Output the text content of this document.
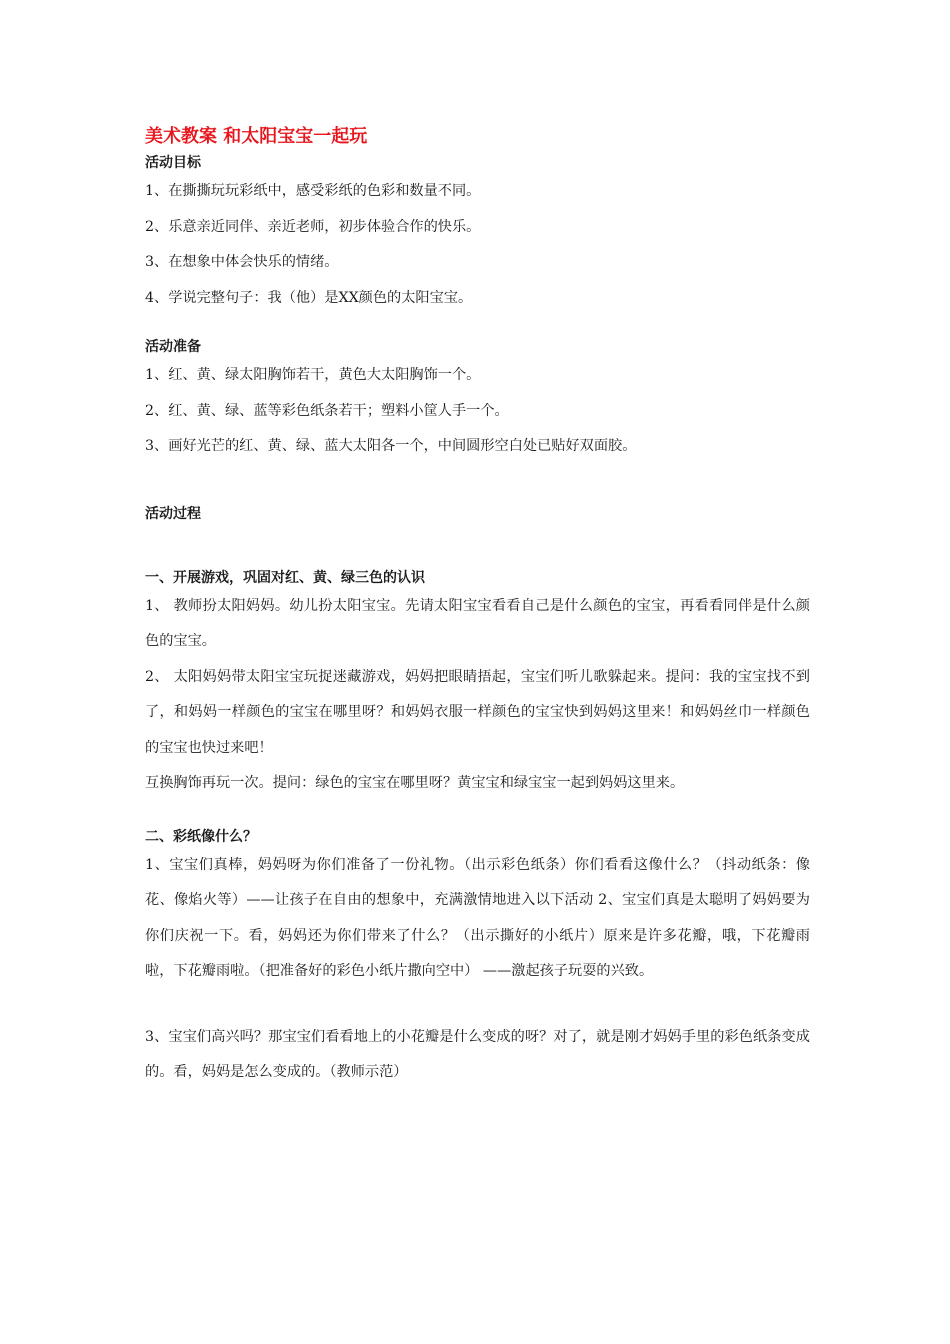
美术教案 和太阳宝宝一起玩
活动目标

1、在撕撕玩玩彩纸中，感受彩纸的色彩和数量不同。

2、乐意亲近同伴、亲近老师，初步体验合作的快乐。

3、在想象中体会快乐的情绪。

4、学说完整句子：我（他）是XX颜色的太阳宝宝。

活动准备

1、红、黄、绿太阳胸饰若干，黄色大太阳胸饰一个。

2、红、黄、绿、蓝等彩色纸条若干；塑料小筐人手一个。

3、画好光芒的红、黄、绿、蓝大太阳各一个，中间圆形空白处已贴好双面胶。

活动过程
一、开展游戏，巩固对红、黄、绿三色的认识

1、 教师扮太阳妈妈。幼儿扮太阳宝宝。先请太阳宝宝看看自己是什么颜色的宝宝，再看看同伴是什么颜色的宝宝。

2、 太阳妈妈带太阳宝宝玩捉迷藏游戏，妈妈把眼睛捂起，宝宝们听儿歌躲起来。提问：我的宝宝找不到了，和妈妈一样颜色的宝宝在哪里呀？和妈妈衣服一样颜色的宝宝快到妈妈这里来！和妈妈丝巾一样颜色的宝宝也快过来吧！

互换胸饰再玩一次。提问：绿色的宝宝在哪里呀？黄宝宝和绿宝宝一起到妈妈这里来。

二、彩纸像什么？

1、宝宝们真棒，妈妈呀为你们准备了一份礼物。（出示彩色纸条）你们看看这像什么？（抖动纸条：像花、像焰火等）——让孩子在自由的想象中，充满激情地进入以下活动 2、宝宝们真是太聪明了妈妈要为你们庆祝一下。看，妈妈还为你们带来了什么？（出示撕好的小纸片）原来是许多花瓣，哦，下花瓣雨啦，下花瓣雨啦。（把准备好的彩色小纸片撒向空中） ——激起孩子玩耍的兴致。

3、宝宝们高兴吗？那宝宝们看看地上的小花瓣是什么变成的呀？对了，就是刚才妈妈手里的彩色纸条变成的。看，妈妈是怎么变成的。（教师示范）
